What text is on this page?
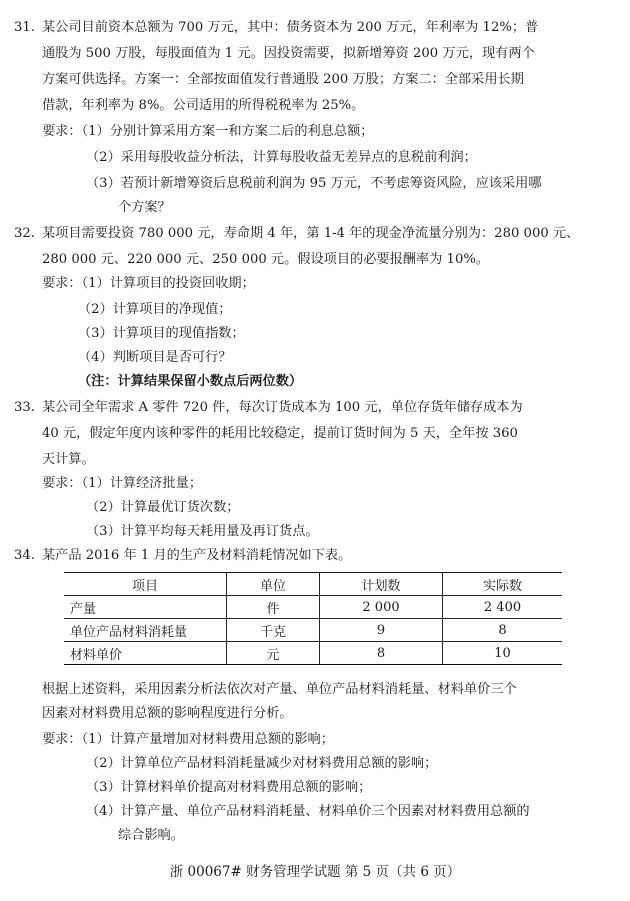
31. 某公司目前资本总额为 700 万元，其中：债务资本为 200 万元，年利率为 12%；普
通股为 500 万股，每股面值为 1 元。因投资需要，拟新增筹资 200 万元，现有两个
方案可供选择。方案一：全部按面值发行普通股 200 万股；方案二：全部采用长期
借款，年利率为 8%。公司适用的所得税税率为 25%。
要求：（1）分别计算采用方案一和方案二后的利息总额；
（2）采用每股收益分析法，计算每股收益无差异点的息税前利润；
（3）若预计新增筹资后息税前利润为 95 万元，不考虑筹资风险，应该采用哪
个方案？
32. 某项目需要投资 780 000 元，寿命期 4 年，第 1-4 年的现金净流量分别为：280 000 元、
280 000 元、220 000 元、250 000 元。假设项目的必要报酬率为 10%。
要求：（1）计算项目的投资回收期；
（2）计算项目的净现值；
（3）计算项目的现值指数；
（4）判断项目是否可行？
（注：计算结果保留小数点后两位数）
33. 某公司全年需求 A 零件 720 件，每次订货成本为 100 元，单位存货年储存成本为
40 元，假定年度内该种零件的耗用比较稳定，提前订货时间为 5 天，全年按 360
天计算。
要求：（1）计算经济批量；
（2）计算最优订货次数；
（3）计算平均每天耗用量及再订货点。
34. 某产品 2016 年 1 月的生产及材料消耗情况如下表。
项目	单位	计划数	实际数
产量	件	2 000	2 400
单位产品材料消耗量	千克	9	8
材料单价	元	8	10
根据上述资料，采用因素分析法依次对产量、单位产品材料消耗量、材料单价三个
因素对材料费用总额的影响程度进行分析。
要求：（1）计算产量增加对材料费用总额的影响；
（2）计算单位产品材料消耗量减少对材料费用总额的影响；
（3）计算材料单价提高对材料费用总额的影响；
（4）计算产量、单位产品材料消耗量、材料单价三个因素对材料费用总额的
综合影响。
浙 00067# 财务管理学试题 第 5 页（共 6 页）
